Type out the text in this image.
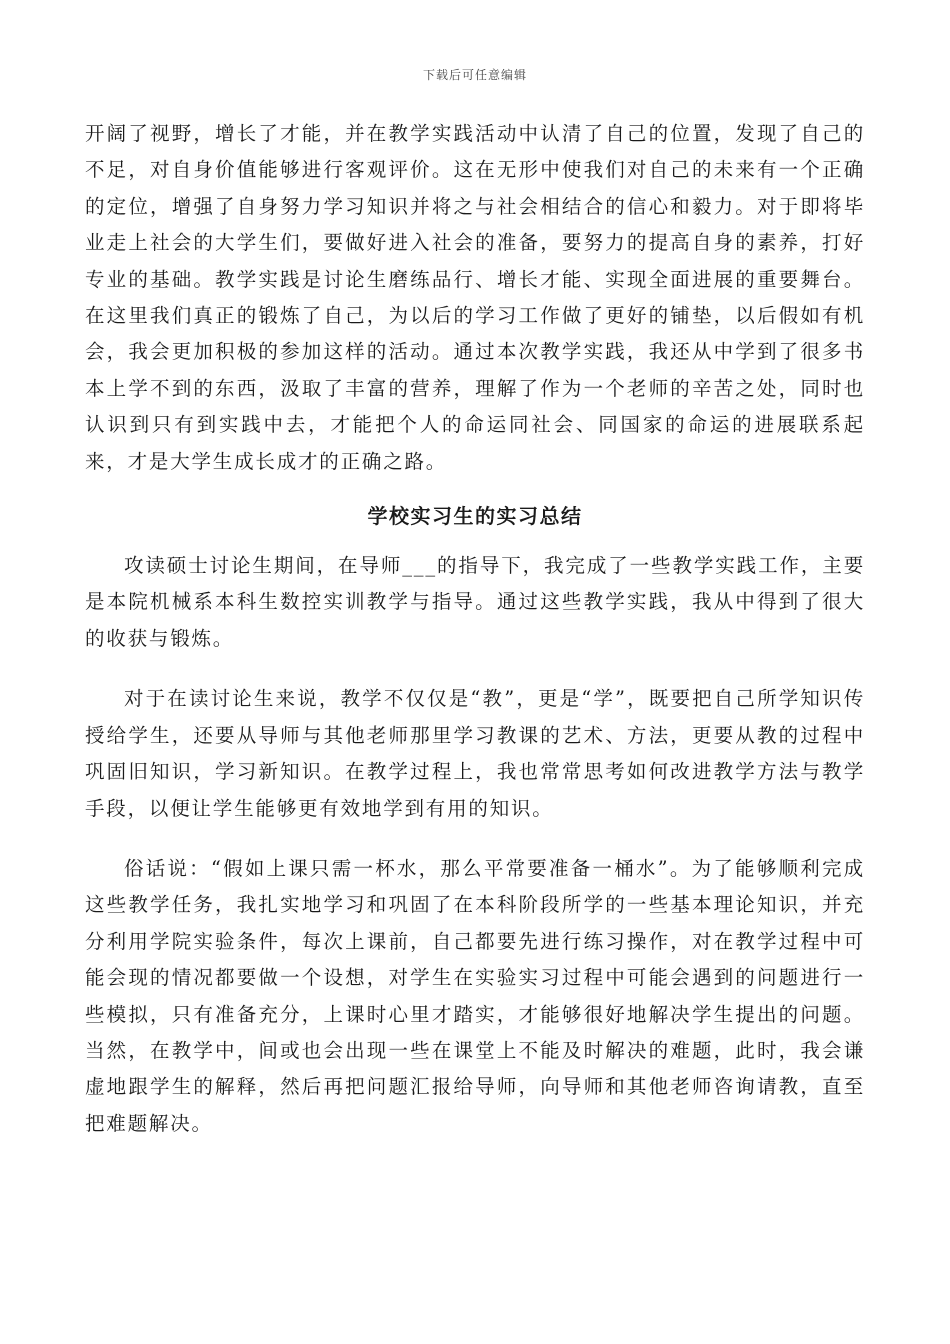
下载后可任意编辑

开阔了视野，增长了才能，并在教学实践活动中认清了自己的位置，发现了自己的不足，对自身价值能够进行客观评价。这在无形中使我们对自己的未来有一个正确的定位，增强了自身努力学习知识并将之与社会相结合的信心和毅力。对于即将毕业走上社会的大学生们，要做好进入社会的准备，要努力的提高自身的素养，打好专业的基础。教学实践是讨论生磨练品行、增长才能、实现全面进展的重要舞台。在这里我们真正的锻炼了自己，为以后的学习工作做了更好的铺垫，以后假如有机会，我会更加积极的参加这样的活动。通过本次教学实践，我还从中学到了很多书本上学不到的东西，汲取了丰富的营养，理解了作为一个老师的辛苦之处，同时也认识到只有到实践中去，才能把个人的命运同社会、同国家的命运的进展联系起来，才是大学生成长成才的正确之路。

学校实习生的实习总结

攻读硕士讨论生期间，在导师___的指导下，我完成了一些教学实践工作，主要是本院机械系本科生数控实训教学与指导。通过这些教学实践，我从中得到了很大的收获与锻炼。

对于在读讨论生来说，教学不仅仅是“教”，更是“学”，既要把自己所学知识传授给学生，还要从导师与其他老师那里学习教课的艺术、方法，更要从教的过程中巩固旧知识，学习新知识。在教学过程上，我也常常思考如何改进教学方法与教学手段，以便让学生能够更有效地学到有用的知识。

俗话说：“假如上课只需一杯水，那么平常要准备一桶水”。为了能够顺利完成这些教学任务，我扎实地学习和巩固了在本科阶段所学的一些基本理论知识，并充分利用学院实验条件，每次上课前，自己都要先进行练习操作，对在教学过程中可能会现的情况都要做一个设想，对学生在实验实习过程中可能会遇到的问题进行一些模拟，只有准备充分，上课时心里才踏实，才能够很好地解决学生提出的问题。当然，在教学中，间或也会出现一些在课堂上不能及时解决的难题，此时，我会谦虚地跟学生的解释，然后再把问题汇报给导师，向导师和其他老师咨询请教，直至把难题解决。
